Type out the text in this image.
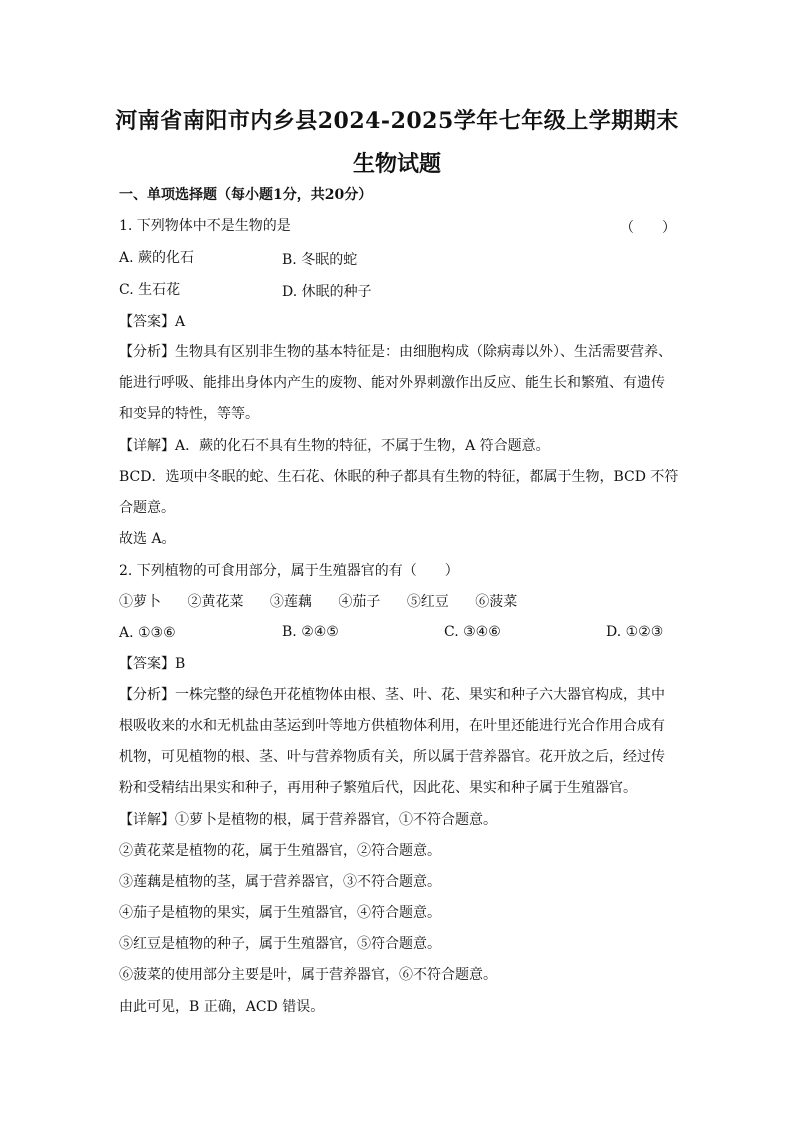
河南省南阳市内乡县2024-2025学年七年级上学期期末
生物试题
一、单项选择题（每小题1分，共20分）
1. 下列物体中不是生物的是	（　　）
A. 蕨的化石	B. 冬眠的蛇
C. 生石花	D. 休眠的种子
【答案】A
【分析】生物具有区别非生物的基本特征是：由细胞构成（除病毒以外）、生活需要营养、
能进行呼吸、能排出身体内产生的废物、能对外界刺激作出反应、能生长和繁殖、有遗传
和变异的特性，等等。
【详解】A．蕨的化石不具有生物的特征，不属于生物，A 符合题意。
BCD．选项中冬眠的蛇、生石花、休眠的种子都具有生物的特征，都属于生物，BCD 不符
合题意。
故选 A。
2. 下列植物的可食用部分，属于生殖器官的有（　　）
①萝卜 ②黄花菜 ③莲藕 ④茄子 ⑤红豆 ⑥菠菜
A. ①③⑥	B. ②④⑤	C. ③④⑥	D. ①②③
【答案】B
【分析】一株完整的绿色开花植物体由根、茎、叶、花、果实和种子六大器官构成，其中
根吸收来的水和无机盐由茎运到叶等地方供植物体利用，在叶里还能进行光合作用合成有
机物，可见植物的根、茎、叶与营养物质有关，所以属于营养器官。花开放之后，经过传
粉和受精结出果实和种子，再用种子繁殖后代，因此花、果实和种子属于生殖器官。
【详解】①萝卜是植物的根，属于营养器官，①不符合题意。
②黄花菜是植物的花，属于生殖器官，②符合题意。
③莲藕是植物的茎，属于营养器官，③不符合题意。
④茄子是植物的果实，属于生殖器官，④符合题意。
⑤红豆是植物的种子，属于生殖器官，⑤符合题意。
⑥菠菜的使用部分主要是叶，属于营养器官，⑥不符合题意。
由此可见，B 正确，ACD 错误。
